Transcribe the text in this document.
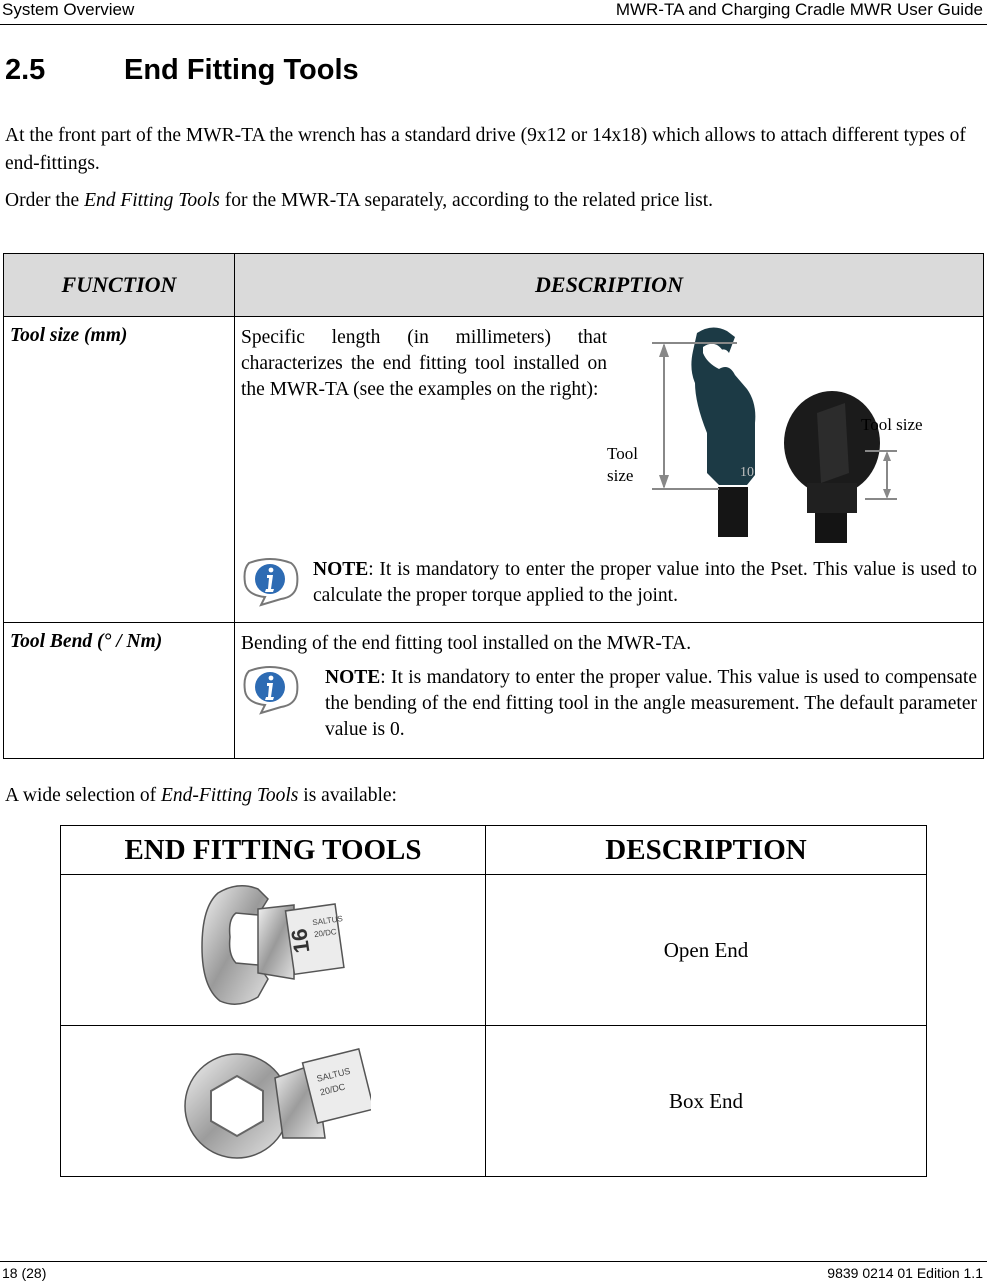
System Overview	MWR-TA and Charging Cradle MWR User Guide
2.5	End Fitting Tools
At the front part of the MWR-TA the wrench has a standard drive (9x12 or 14x18) which allows to attach different types of end-fittings.
Order the End Fitting Tools for the MWR-TA separately, according to the related price list.
FUNCTION	DESCRIPTION
Tool size (mm)	Specific length (in millimeters) that characterizes the end fitting tool installed on the MWR-TA (see the examples on the right):
Tool size
Tool size
10
NOTE: It is mandatory to enter the proper value into the Pset. This value is used to calculate the proper torque applied to the joint.

Tool Bend (° / Nm)	Bending of the end fitting tool installed on the MWR-TA.
NOTE: It is mandatory to enter the proper value. This value is used to compensate the bending of the end fitting tool in the angle measurement. The default parameter value is 0.
A wide selection of End-Fitting Tools is available:
END FITTING TOOLS	DESCRIPTION

16
SALTUS
20/DC	Open End

SALTUS
20/DC	Box End
18 (28)	9839 0214 01 Edition 1.1
